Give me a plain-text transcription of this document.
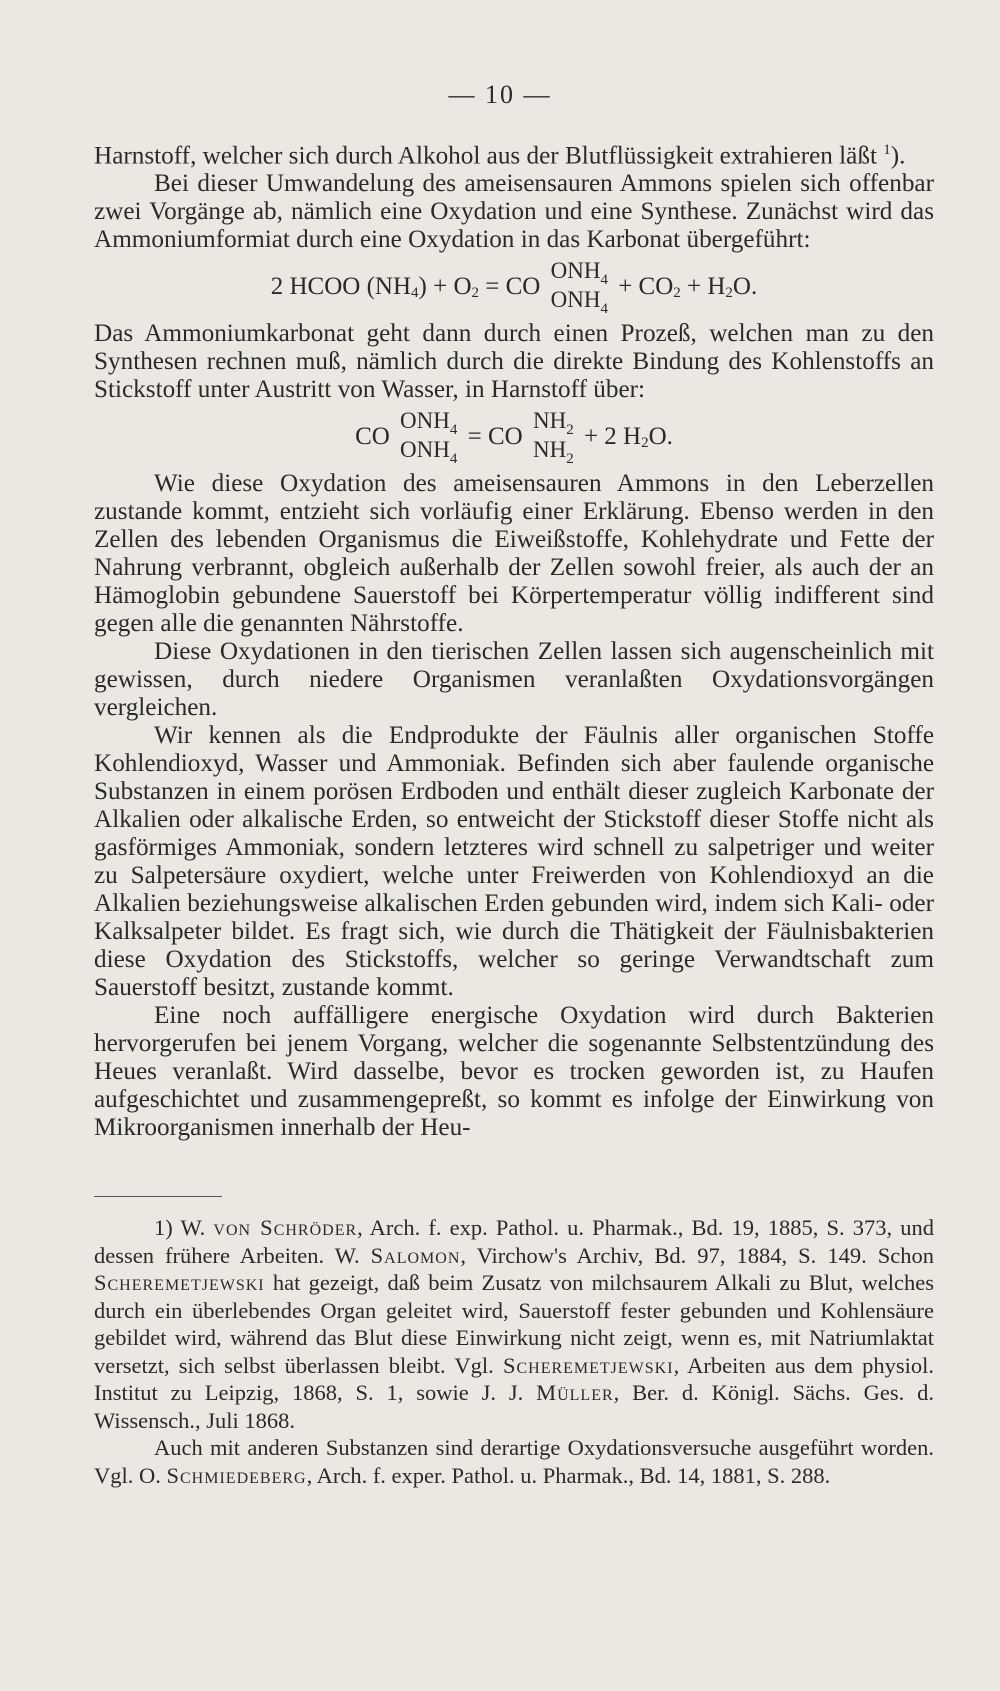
— 10 —

Harnstoff, welcher sich durch Alkohol aus der Blutflüssigkeit extrahieren läßt $^1$).

Bei dieser Umwandelung des ameisensauren Ammons spielen sich offenbar zwei Vorgänge ab, nämlich eine Oxydation und eine Synthese. Zunächst wird das Ammoniumformiat durch eine Oxydation in das Karbonat übergeführt:

2 HCOO (NH 4 ) + O 2 = CO
$ONH_4$
$ONH_4$
+ CO 2 + H 2 O.

Das Ammoniumkarbonat geht dann durch einen Prozeß, welchen man zu den Synthesen rechnen muß, nämlich durch die direkte Bindung des Kohlenstoffs an Stickstoff unter Austritt von Wasser, in Harnstoff über:

CO
$ONH_4$
$ONH_4$
= CO
$NH_2$
$NH_2$
+ 2 H 2 O.

Wie diese Oxydation des ameisensauren Ammons in den Leberzellen zustande kommt, entzieht sich vorläufig einer Erklärung. Ebenso werden in den Zellen des lebenden Organismus die Eiweißstoffe, Kohlehydrate und Fette der Nahrung verbrannt, obgleich außerhalb der Zellen sowohl freier, als auch der an Hämoglobin gebundene Sauerstoff bei Körpertemperatur völlig indifferent sind gegen alle die genannten Nährstoffe.

Diese Oxydationen in den tierischen Zellen lassen sich augenscheinlich mit gewissen, durch niedere Organismen veranlaßten Oxydationsvorgängen vergleichen.

Wir kennen als die Endprodukte der Fäulnis aller organischen Stoffe Kohlendioxyd, Wasser und Ammoniak. Befinden sich aber faulende organische Substanzen in einem porösen Erdboden und enthält dieser zugleich Karbonate der Alkalien oder alkalische Erden, so entweicht der Stickstoff dieser Stoffe nicht als gasförmiges Ammoniak, sondern letzteres wird schnell zu salpetriger und weiter zu Salpetersäure oxydiert, welche unter Freiwerden von Kohlendioxyd an die Alkalien beziehungsweise alkalischen Erden gebunden wird, indem sich Kali- oder Kalksalpeter bildet. Es fragt sich, wie durch die Thätigkeit der Fäulnisbakterien diese Oxydation des Stickstoffs, welcher so geringe Verwandtschaft zum Sauerstoff besitzt, zustande kommt.

Eine noch auffälligere energische Oxydation wird durch Bakterien hervorgerufen bei jenem Vorgang, welcher die sogenannte Selbstentzündung des Heues veranlaßt. Wird dasselbe, bevor es trocken geworden ist, zu Haufen aufgeschichtet und zusammengepreßt, so kommt es infolge der Einwirkung von Mikroorganismen innerhalb der Heu-

1) W. von Schröder, Arch. f. exp. Pathol. u. Pharmak., Bd. 19, 1885, S. 373, und dessen frühere Arbeiten. W. Salomon, Virchow's Archiv, Bd. 97, 1884, S. 149. Schon Scheremetjewski hat gezeigt, daß beim Zusatz von milchsaurem Alkali zu Blut, welches durch ein überlebendes Organ geleitet wird, Sauerstoff fester gebunden und Kohlensäure gebildet wird, während das Blut diese Einwirkung nicht zeigt, wenn es, mit Natriumlaktat versetzt, sich selbst überlassen bleibt. Vgl. Scheremetjewski, Arbeiten aus dem physiol. Institut zu Leipzig, 1868, S. 1, sowie J. J. Müller, Ber. d. Königl. Sächs. Ges. d. Wissensch., Juli 1868.

Auch mit anderen Substanzen sind derartige Oxydationsversuche ausgeführt worden. Vgl. O. Schmiedeberg, Arch. f. exper. Pathol. u. Pharmak., Bd. 14, 1881, S. 288.
